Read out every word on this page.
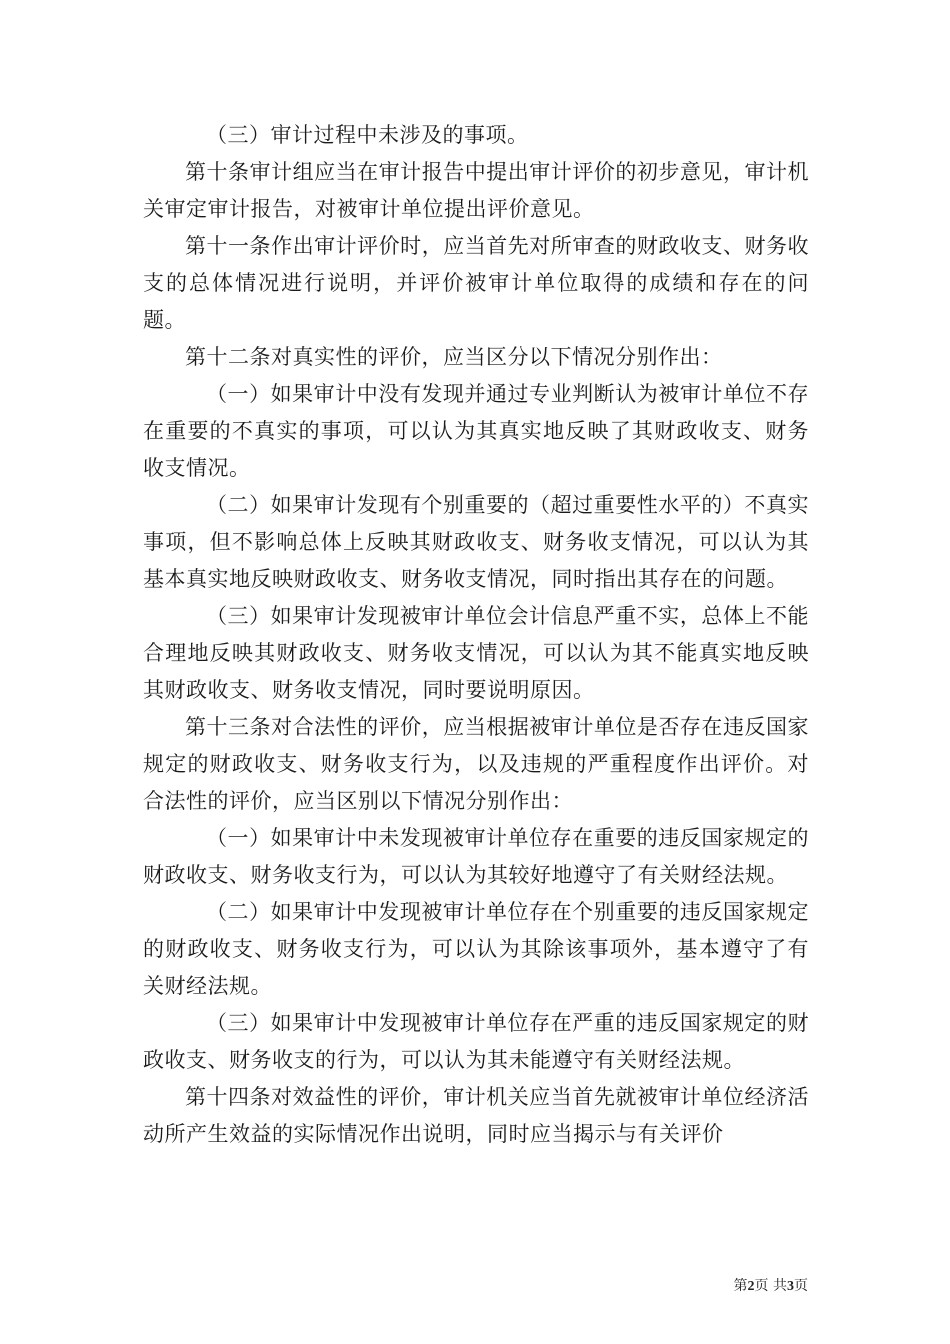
（三）审计过程中未涉及的事项。

第十条审计组应当在审计报告中提出审计评价的初步意见，审计机关审定审计报告，对被审计单位提出评价意见。

第十一条作出审计评价时，应当首先对所审查的财政收支、财务收支的总体情况进行说明，并评价被审计单位取得的成绩和存在的问题。

第十二条对真实性的评价，应当区分以下情况分别作出：

（一）如果审计中没有发现并通过专业判断认为被审计单位不存在重要的不真实的事项，可以认为其真实地反映了其财政收支、财务收支情况。

（二）如果审计发现有个别重要的（超过重要性水平的）不真实事项，但不影响总体上反映其财政收支、财务收支情况，可以认为其基本真实地反映财政收支、财务收支情况，同时指出其存在的问题。

（三）如果审计发现被审计单位会计信息严重不实，总体上不能合理地反映其财政收支、财务收支情况，可以认为其不能真实地反映其财政收支、财务收支情况，同时要说明原因。

第十三条对合法性的评价，应当根据被审计单位是否存在违反国家规定的财政收支、财务收支行为，以及违规的严重程度作出评价。对合法性的评价，应当区别以下情况分别作出：

（一）如果审计中未发现被审计单位存在重要的违反国家规定的财政收支、财务收支行为，可以认为其较好地遵守了有关财经法规。

（二）如果审计中发现被审计单位存在个别重要的违反国家规定的财政收支、财务收支行为，可以认为其除该事项外，基本遵守了有关财经法规。

（三）如果审计中发现被审计单位存在严重的违反国家规定的财政收支、财务收支的行为，可以认为其未能遵守有关财经法规。

第十四条对效益性的评价，审计机关应当首先就被审计单位经济活动所产生效益的实际情况作出说明，同时应当揭示与有关评价

第2页 共3页
